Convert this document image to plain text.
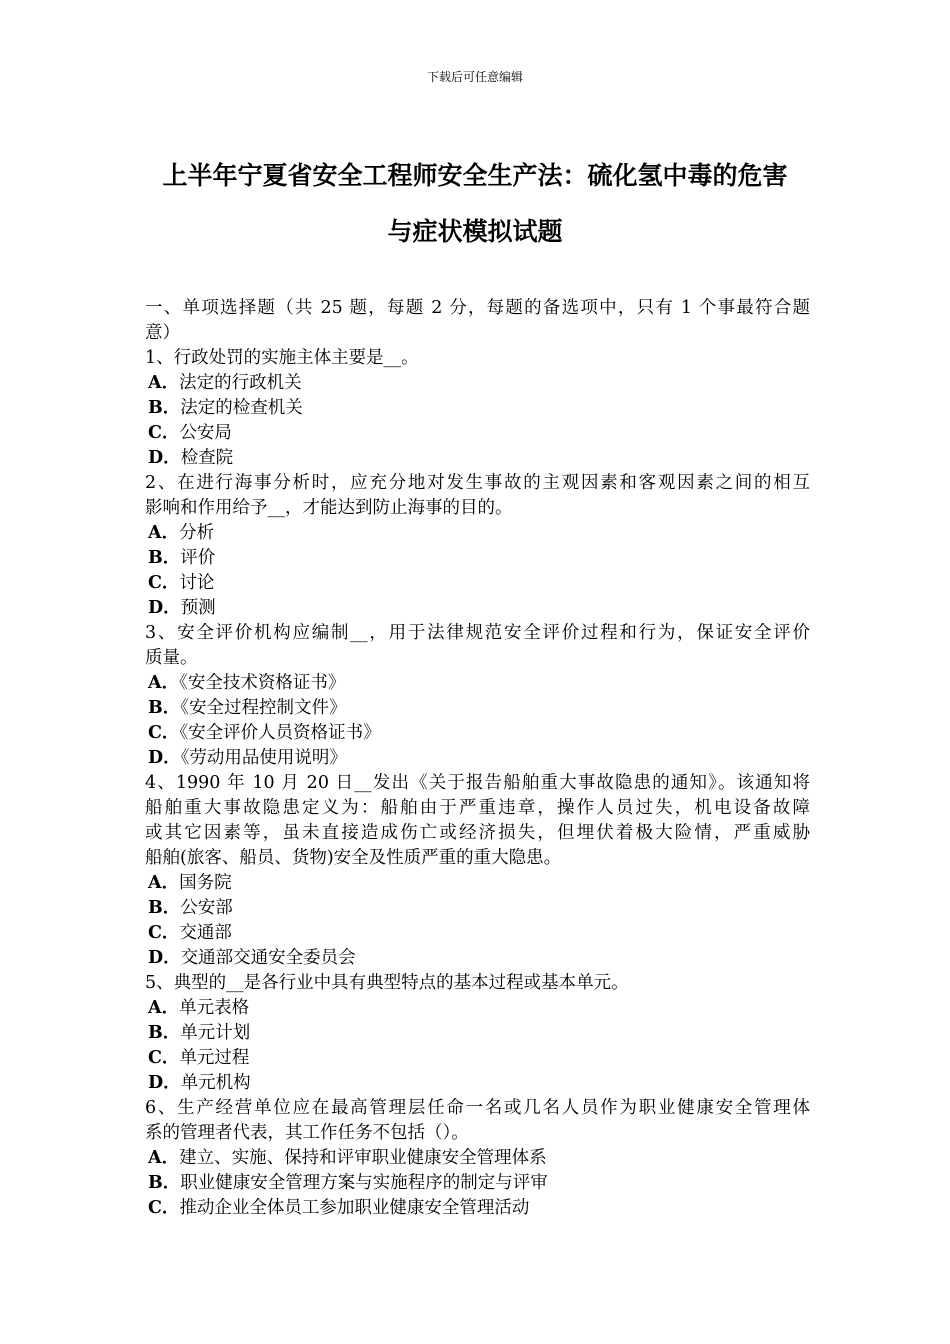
下载后可任意编辑
上半年宁夏省安全工程师安全生产法：硫化氢中毒的危害
与症状模拟试题
一、单项选择题（共 25 题，每题 2 分，每题的备选项中，只有 1 个事最符合题
意）
1、行政处罚的实施主体主要是__。
A．法定的行政机关
B．法定的检查机关
C．公安局
D．检查院
2、在进行海事分析时，应充分地对发生事故的主观因素和客观因素之间的相互
影响和作用给予__，才能达到防止海事的目的。
A．分析
B．评价
C．讨论
D．预测
3、安全评价机构应编制__，用于法律规范安全评价过程和行为，保证安全评价
质量。
A．《安全技术资格证书》
B．《安全过程控制文件》
C．《安全评价人员资格证书》
D．《劳动用品使用说明》
4、1990 年 10 月 20 日__发出《关于报告船舶重大事故隐患的通知》。该通知将
船舶重大事故隐患定义为：船舶由于严重违章，操作人员过失，机电设备故障
或其它因素等，虽未直接造成伤亡或经济损失，但埋伏着极大险情，严重威胁
船舶(旅客、船员、货物)安全及性质严重的重大隐患。
A．国务院
B．公安部
C．交通部
D．交通部交通安全委员会
5、典型的__是各行业中具有典型特点的基本过程或基本单元。
A．单元表格
B．单元计划
C．单元过程
D．单元机构
6、生产经营单位应在最高管理层任命一名或几名人员作为职业健康安全管理体
系的管理者代表，其工作任务不包括（）。
A．建立、实施、保持和评审职业健康安全管理体系
B．职业健康安全管理方案与实施程序的制定与评审
C．推动企业全体员工参加职业健康安全管理活动
